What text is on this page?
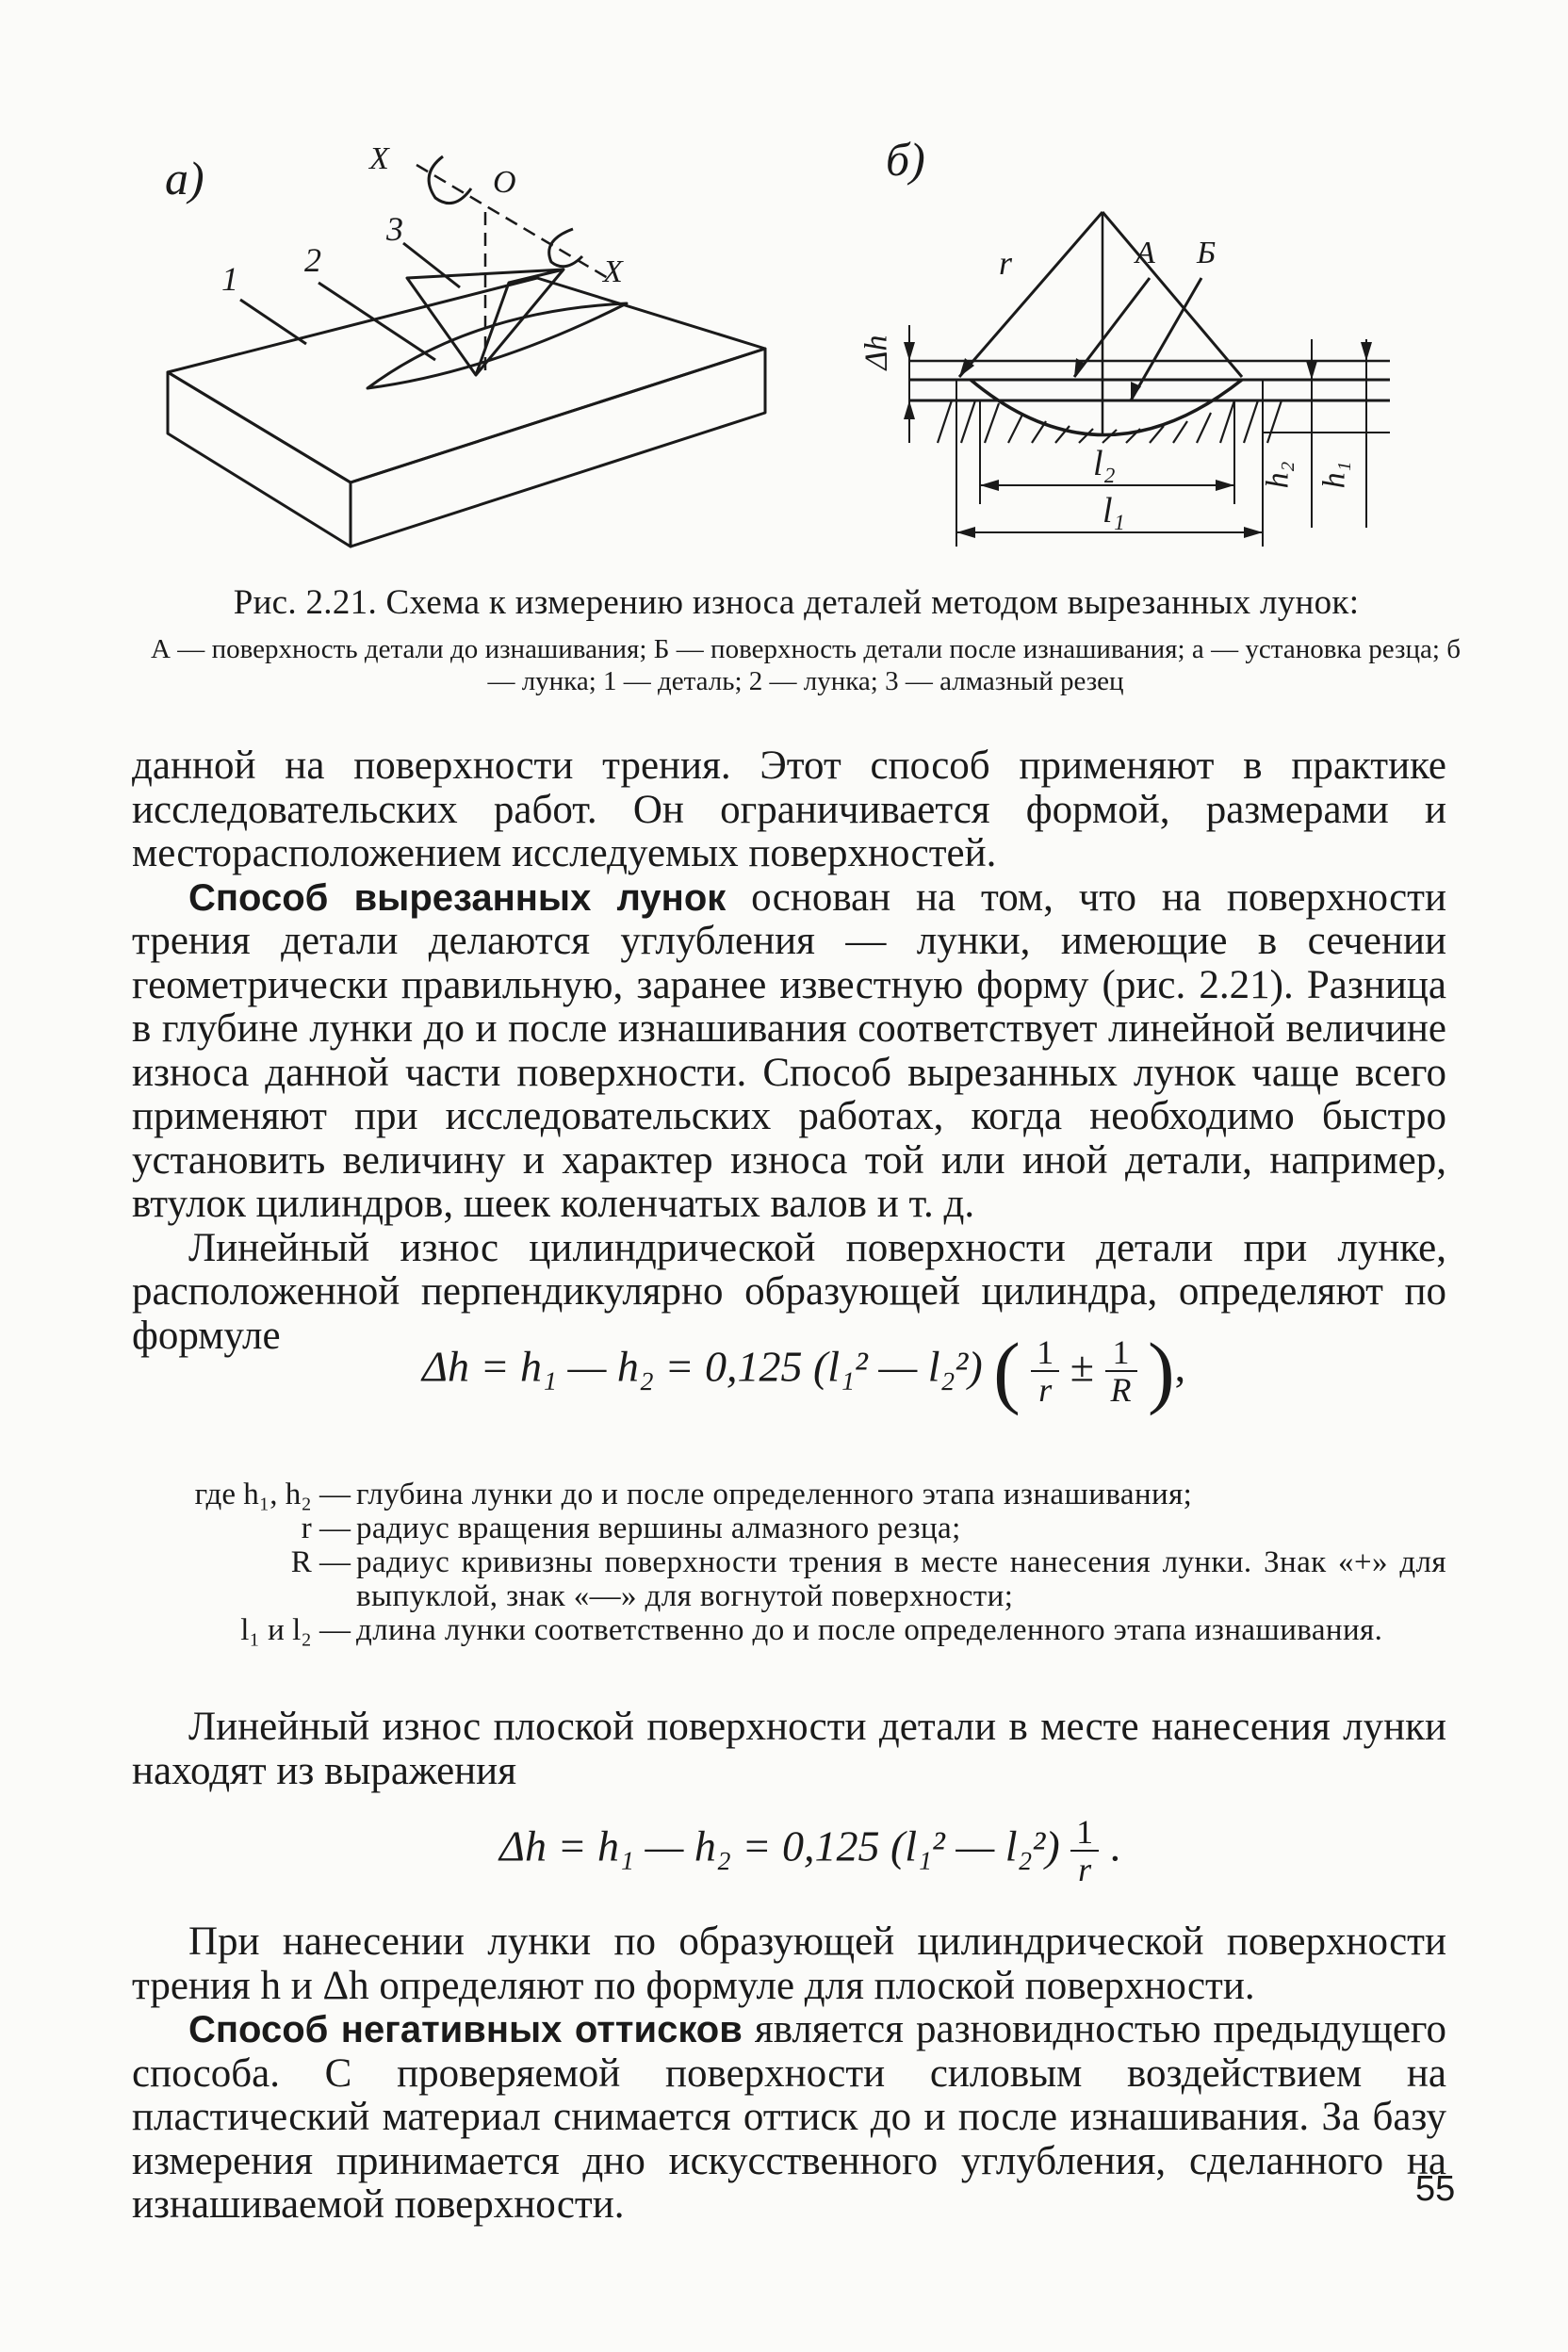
а)	б)
X
O
X
1 2
3
r	А Б
Δh
l₂
l₁
h₂ h₁
Рис. 2.21. Схема к измерению износа деталей методом вырезанных лунок:
А — поверхность детали до изнашивания; Б — поверхность детали после изнашивания; а — установка резца; б — лунка; 1 — деталь; 2 — лунка; 3 — алмазный резец

данной на поверхности трения. Этот способ применяют в практике исследовательских работ. Он ограничивается формой, размерами и месторасположением исследуемых поверхностей.

Способ вырезанных лунок основан на том, что на поверхности трения детали делаются углубления — лунки, имеющие в сечении геометрически правильную, заранее известную форму (рис. 2.21). Разница в глубине лунки до и после изнашивания соответствует линейной величине износа данной части поверхности. Способ вырезанных лунок чаще всего применяют при исследовательских работах, когда необходимо быстро установить величину и характер износа той или иной детали, например, втулок цилиндров, шеек коленчатых валов и т. д.

Линейный износ цилиндрической поверхности детали при лунке, расположенной перпендикулярно образующей цилиндра, определяют по формуле

Δh = h₁ — h₂ = 0,125 (l₁² — l₂²) ( $\frac{1}{r} \pm \frac{1}{R}$ ),
где h₁, h₂ — глубина лунки до и после определенного этапа изнашивания;
r — радиус вращения вершины алмазного резца;
R — радиус кривизны поверхности трения в месте нанесения лунки. Знак «+» для выпуклой, знак «—» для вогнутой поверхности;
l₁ и l₂ — длина лунки соответственно до и после определенного этапа изнашивания.

Линейный износ плоской поверхности детали в месте нанесения лунки находят из выражения

Δh = h₁ — h₂ = 0,125 (l₁² — $l_2^2) \frac{1}{r}$ .

При нанесении лунки по образующей цилиндрической поверхности трения h и Δh определяют по формуле для плоской поверхности.

Способ негативных оттисков является разновидностью предыдущего способа. С проверяемой поверхности силовым воздействием на пластический материал снимается оттиск до и после изнашивания. За базу измерения принимается дно искусственного углубления, сделанного на изнашиваемой поверхности.	55
